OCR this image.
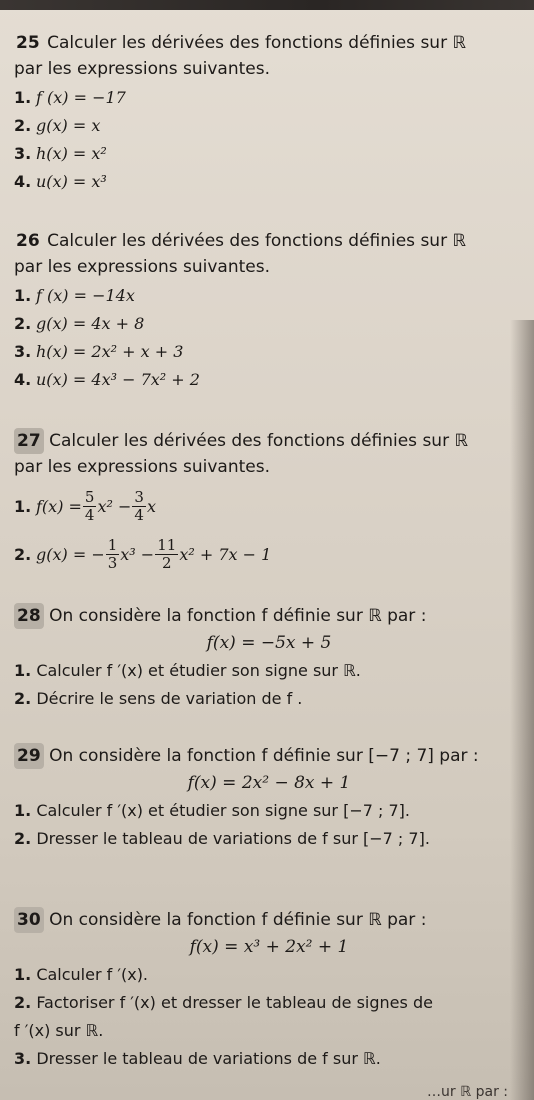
25 Calculer les dérivées des fonctions définies sur ℝ
par les expressions suivantes.
1. f (x) = −17
2. g(x) = x
3. h(x) = x²
4. u(x) = x³
26 Calculer les dérivées des fonctions définies sur ℝ
par les expressions suivantes.
1. f (x) = −14x
2. g(x) = 4x + 8
3. h(x) = 2x² + x + 3
4. u(x) = 4x³ − 7x² + 2
27 Calculer les dérivées des fonctions définies sur ℝ
par les expressions suivantes.
1. $f(x) = \frac{5}{4} x^2 - \frac{3}{4}$ x
2. g(x) = − $\frac{1}{3} x^3 - \frac{11}{2} x^2 + 7x - 1$
28 On considère la fonction f définie sur ℝ par :
f(x) = −5x + 5
1. Calculer f ′(x) et étudier son signe sur ℝ.
2. Décrire le sens de variation de f .
29 On considère la fonction f définie sur [−7 ; 7] par :
f(x) = 2x² − 8x + 1
1. Calculer f ′(x) et étudier son signe sur [−7 ; 7].
2. Dresser le tableau de variations de f sur [−7 ; 7].
30 On considère la fonction f définie sur ℝ par :
f(x) = x³ + 2x² + 1
1. Calculer f ′(x).
2. Factoriser f ′(x) et dresser le tableau de signes de
f ′(x) sur ℝ.
3. Dresser le tableau de variations de f sur ℝ.
…ur ℝ par :
